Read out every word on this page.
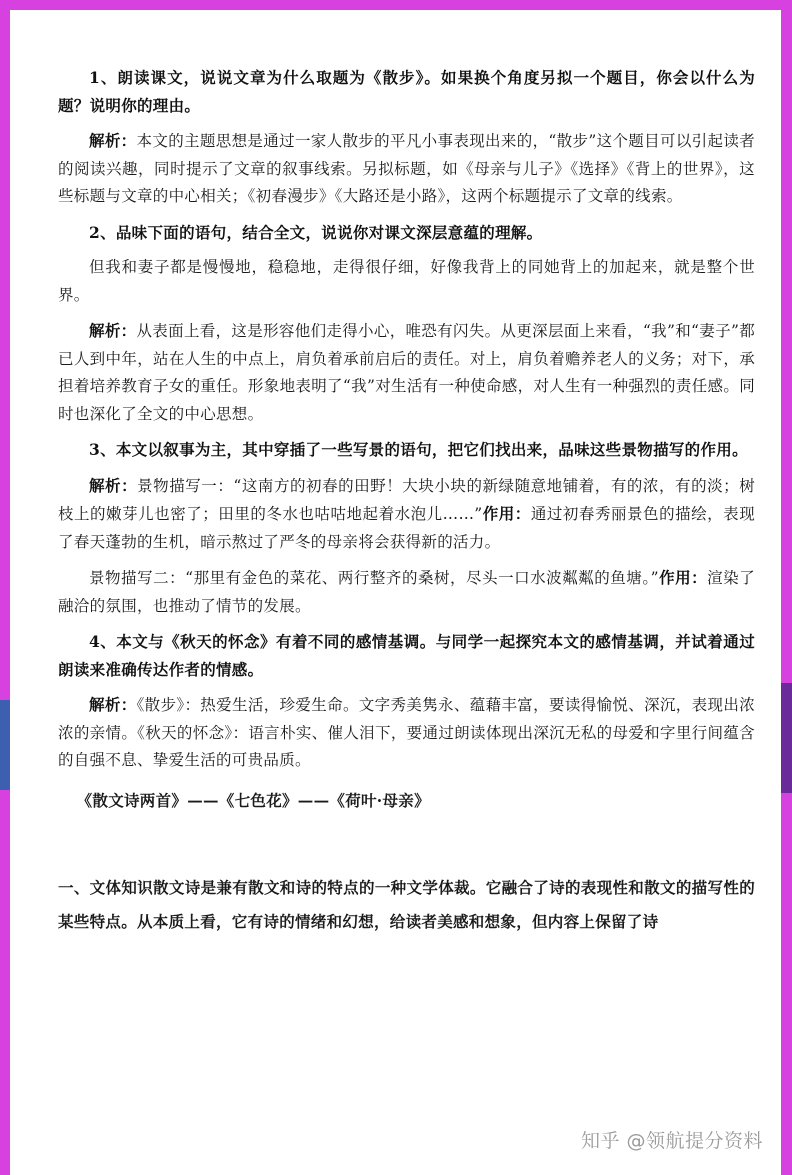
1、朗读课文，说说文章为什么取题为《散步》。如果换个角度另拟一个题目，你会以什么为题？说明你的理由。

解析：本文的主题思想是通过一家人散步的平凡小事表现出来的，“散步”这个题目可以引起读者的阅读兴趣，同时提示了文章的叙事线索。另拟标题，如《母亲与儿子》《选择》《背上的世界》，这些标题与文章的中心相关；《初春漫步》《大路还是小路》，这两个标题提示了文章的线索。

2、品味下面的语句，结合全文，说说你对课文深层意蕴的理解。

但我和妻子都是慢慢地，稳稳地，走得很仔细，好像我背上的同她背上的加起来，就是整个世界。

解析：从表面上看，这是形容他们走得小心，唯恐有闪失。从更深层面上来看，“我”和“妻子”都已人到中年，站在人生的中点上，肩负着承前启后的责任。对上，肩负着赡养老人的义务；对下，承担着培养教育子女的重任。形象地表明了“我”对生活有一种使命感，对人生有一种强烈的责任感。同时也深化了全文的中心思想。

3、本文以叙事为主，其中穿插了一些写景的语句，把它们找出来，品味这些景物描写的作用。

解析：景物描写一：“这南方的初春的田野！大块小块的新绿随意地铺着，有的浓，有的淡；树枝上的嫩芽儿也密了；田里的冬水也咕咕地起着水泡儿……”作用：通过初春秀丽景色的描绘，表现了春天蓬勃的生机，暗示熬过了严冬的母亲将会获得新的活力。

景物描写二：“那里有金色的菜花、两行整齐的桑树，尽头一口水波粼粼的鱼塘。”作用：渲染了融洽的氛围，也推动了情节的发展。

4、本文与《秋天的怀念》有着不同的感情基调。与同学一起探究本文的感情基调，并试着通过朗读来准确传达作者的情感。

解析：《散步》：热爱生活，珍爱生命。文字秀美隽永、蕴藉丰富，要读得愉悦、深沉，表现出浓浓的亲情。《秋天的怀念》：语言朴实、催人泪下，要通过朗读体现出深沉无私的母爱和字里行间蕴含的自强不息、挚爱生活的可贵品质。

《散文诗两首》——《七色花》——《荷叶·母亲》

一、文体知识散文诗是兼有散文和诗的特点的一种文学体裁。它融合了诗的表现性和散文的描写性的某些特点。从本质上看，它有诗的情绪和幻想，给读者美感和想象，但内容上保留了诗

知乎 @领航提分资料
